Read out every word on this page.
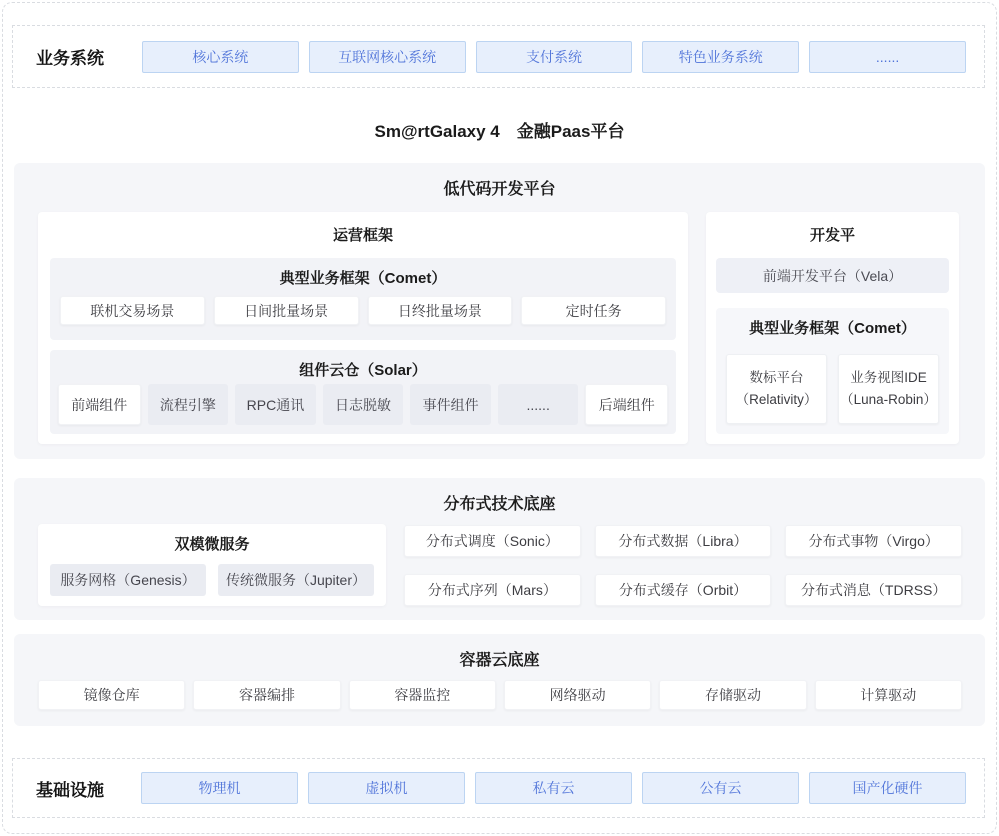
业务系统	核心系统	互联网核心系统	支付系统	特色业务系统	......
Sm@rtGalaxy 4　金融Paas平台
低代码开发平台
运营框架
典型业务框架（Comet）
联机交易场景	日间批量场景	日终批量场景	定时任务
组件云仓（Solar）
前端组件	流程引擎	RPC通讯	日志脱敏	事件组件	......	后端组件
开发平
前端开发平台（Vela）
典型业务框架（Comet）
数标平台
（Relativity）
业务视图IDE
（Luna-Robin）
分布式技术底座
双模微服务
服务网格（Genesis）	传统微服务（Jupiter）
分布式调度（Sonic）	分布式数据（Libra）	分布式事物（Virgo）
分布式序列（Mars）	分布式缓存（Orbit）	分布式消息（TDRSS）
容器云底座
镜像仓库	容器编排	容器监控	网络驱动	存储驱动	计算驱动
基础设施	物理机	虚拟机	私有云	公有云	国产化硬件
